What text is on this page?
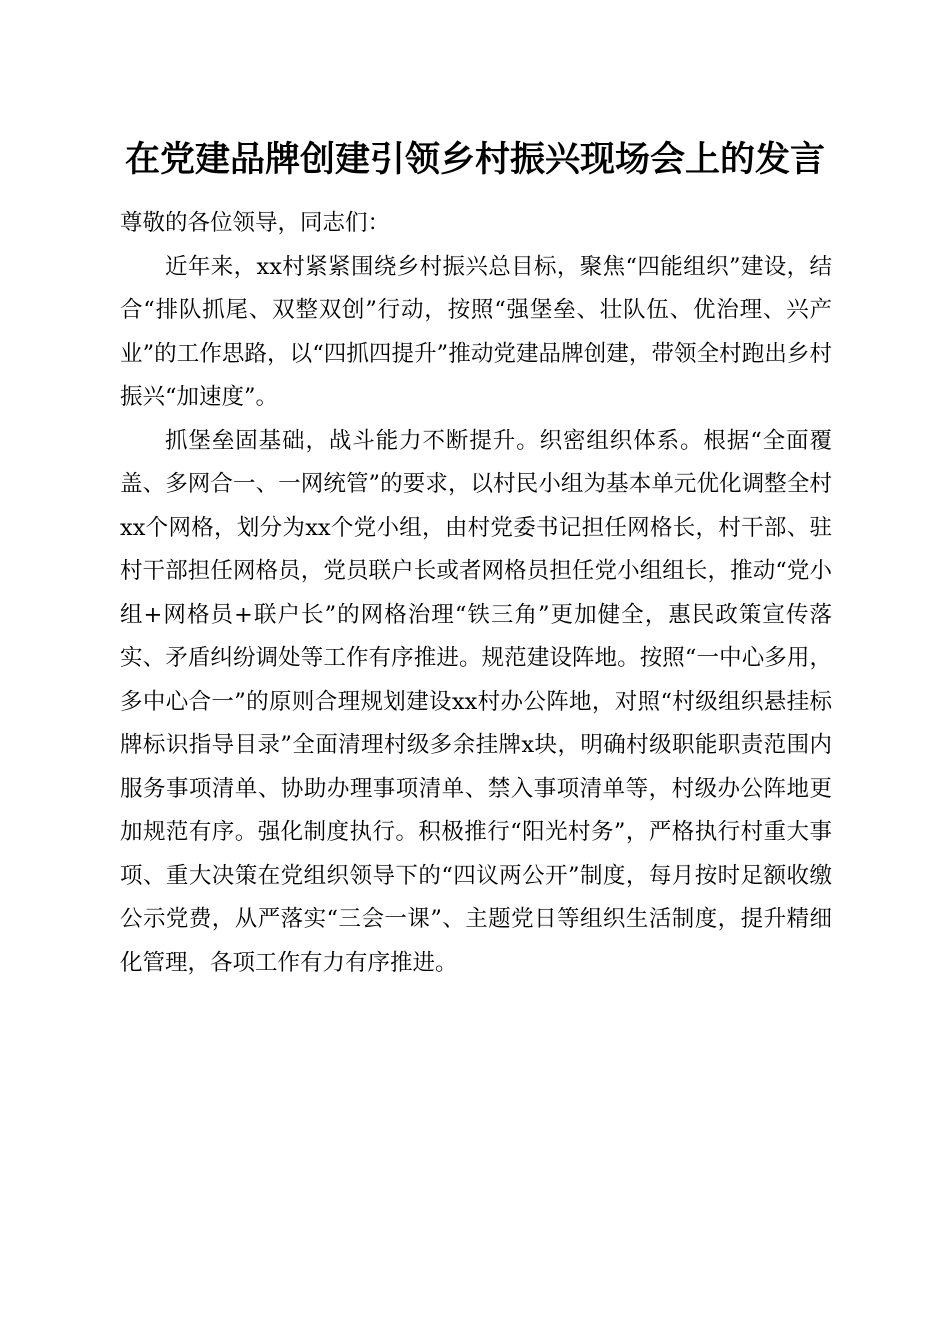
在党建品牌创建引领乡村振兴现场会上的发言

尊敬的各位领导，同志们：

近年来，xx村紧紧围绕乡村振兴总目标，聚焦“四能组织”建设，结合“排队抓尾、双整双创”行动，按照“强堡垒、壮队伍、优治理、兴产业”的工作思路，以“四抓四提升”推动党建品牌创建，带领全村跑出乡村振兴“加速度”。

抓堡垒固基础，战斗能力不断提升。织密组织体系。根据“全面覆盖、多网合一、一网统管”的要求，以村民小组为基本单元优化调整全村xx个网格，划分为xx个党小组，由村党委书记担任网格长，村干部、驻村干部担任网格员，党员联户长或者网格员担任党小组组长，推动“党小组+网格员+联户长”的网格治理“铁三角”更加健全，惠民政策宣传落实、矛盾纠纷调处等工作有序推进。规范建设阵地。按照“一中心多用，多中心合一”的原则合理规划建设xx村办公阵地，对照“村级组织悬挂标牌标识指导目录”全面清理村级多余挂牌x块，明确村级职能职责范围内服务事项清单、协助办理事项清单、禁入事项清单等，村级办公阵地更加规范有序。强化制度执行。积极推行“阳光村务”，严格执行村重大事项、重大决策在党组织领导下的“四议两公开”制度，每月按时足额收缴公示党费，从严落实“三会一课”、主题党日等组织生活制度，提升精细化管理，各项工作有力有序推进。
